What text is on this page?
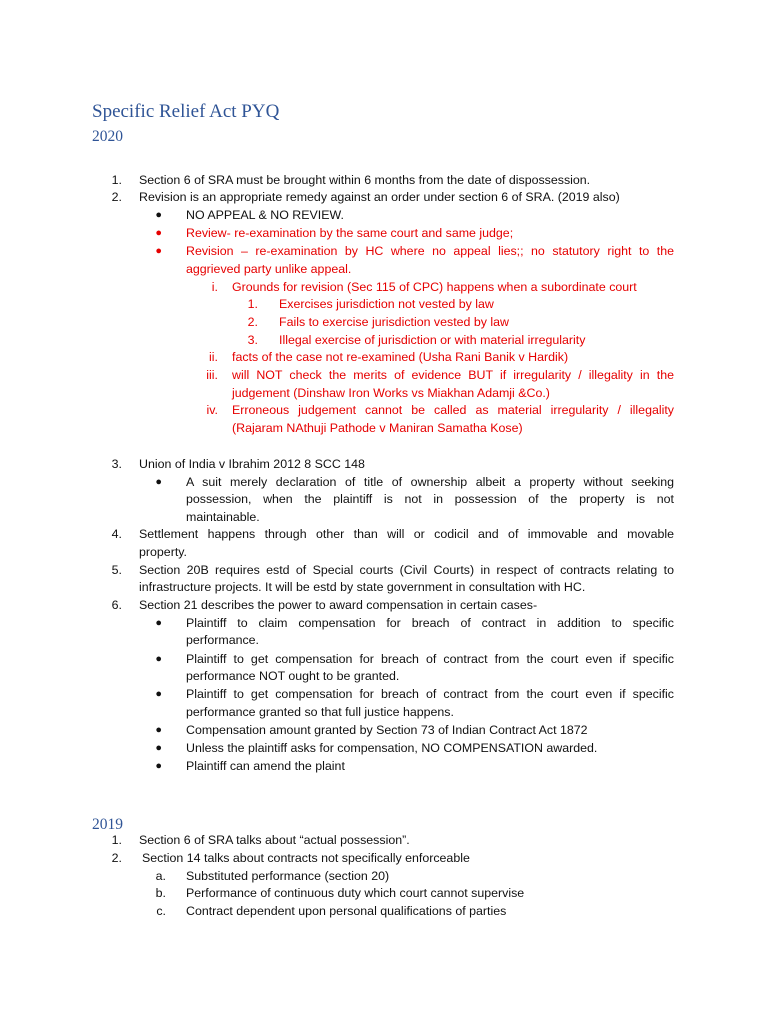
Specific Relief Act PYQ
2020
2019
1. Section 6 of SRA must be brought within 6 months from the date of dispossession.
2. Revision is an appropriate remedy against an order under section 6 of SRA. (2019 also)
● NO APPEAL & NO REVIEW.
● Review- re-examination by the same court and same judge;
● Revision – re-examination by HC where no appeal lies;; no statutory right to the
aggrieved party unlike appeal.
i. Grounds for revision (Sec 115 of CPC) happens when a subordinate court
1. Exercises jurisdiction not vested by law
2. Fails to exercise jurisdiction vested by law
3. Illegal exercise of jurisdiction or with material irregularity
ii. facts of the case not re-examined (Usha Rani Banik v Hardik)
iii. will NOT check the merits of evidence BUT if irregularity / illegality in the
judgement (Dinshaw Iron Works vs Miakhan Adamji &Co.)
iv. Erroneous judgement cannot be called as material irregularity / illegality
(Rajaram NAthuji Pathode v Maniran Samatha Kose)
3. Union of India v Ibrahim 2012 8 SCC 148
● A suit merely declaration of title of ownership albeit a property without seeking
possession, when the plaintiff is not in possession of the property is not
maintainable.
4. Settlement happens through other than will or codicil and of immovable and movable
property.
5. Section 20B requires estd of Special courts (Civil Courts) in respect of contracts relating to
infrastructure projects. It will be estd by state government in consultation with HC.
6. Section 21 describes the power to award compensation in certain cases-
● Plaintiff to claim compensation for breach of contract in addition to specific
performance.
● Plaintiff to get compensation for breach of contract from the court even if specific
performance NOT ought to be granted.
● Plaintiff to get compensation for breach of contract from the court even if specific
performance granted so that full justice happens.
● Compensation amount granted by Section 73 of Indian Contract Act 1872
● Unless the plaintiff asks for compensation, NO COMPENSATION awarded.
● Plaintiff can amend the plaint
1. Section 6 of SRA talks about “actual possession”.
2. Section 14 talks about contracts not specifically enforceable
a. Substituted performance (section 20)
b. Performance of continuous duty which court cannot supervise
c. Contract dependent upon personal qualifications of parties
